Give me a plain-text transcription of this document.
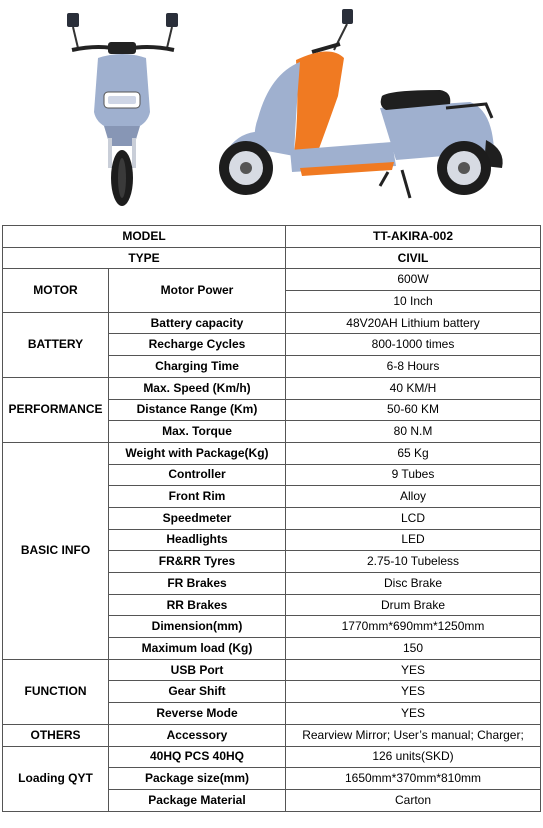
MODEL		TT-AKIRA-002
TYPE		CIVIL
MOTOR	Motor Power	600W
		10 Inch
BATTERY	Battery capacity	48V20AH Lithium battery
	Recharge Cycles	800-1000 times
	Charging Time	6-8 Hours
PERFORMANCE	Max. Speed (Km/h)	40 KM/H
	Distance Range (Km)	50-60 KM
	Max. Torque	80 N.M
BASIC INFO	Weight with Package(Kg)	65 Kg
	Controller	9 Tubes
	Front Rim	Alloy
	Speedmeter	LCD
	Headlights	LED
	FR&RR Tyres	2.75-10 Tubeless
	FR Brakes	Disc Brake
	RR Brakes	Drum Brake
	Dimension(mm)	1770mm*690mm*1250mm
	Maximum load (Kg)	150
FUNCTION	USB Port	YES
	Gear Shift	YES
	Reverse Mode	YES
OTHERS	Accessory	Rearview Mirror; User’s manual; Charger;
Loading QYT	40HQ PCS 40HQ	126 units(SKD)
	Package size(mm)	1650mm*370mm*810mm
	Package Material	Carton
